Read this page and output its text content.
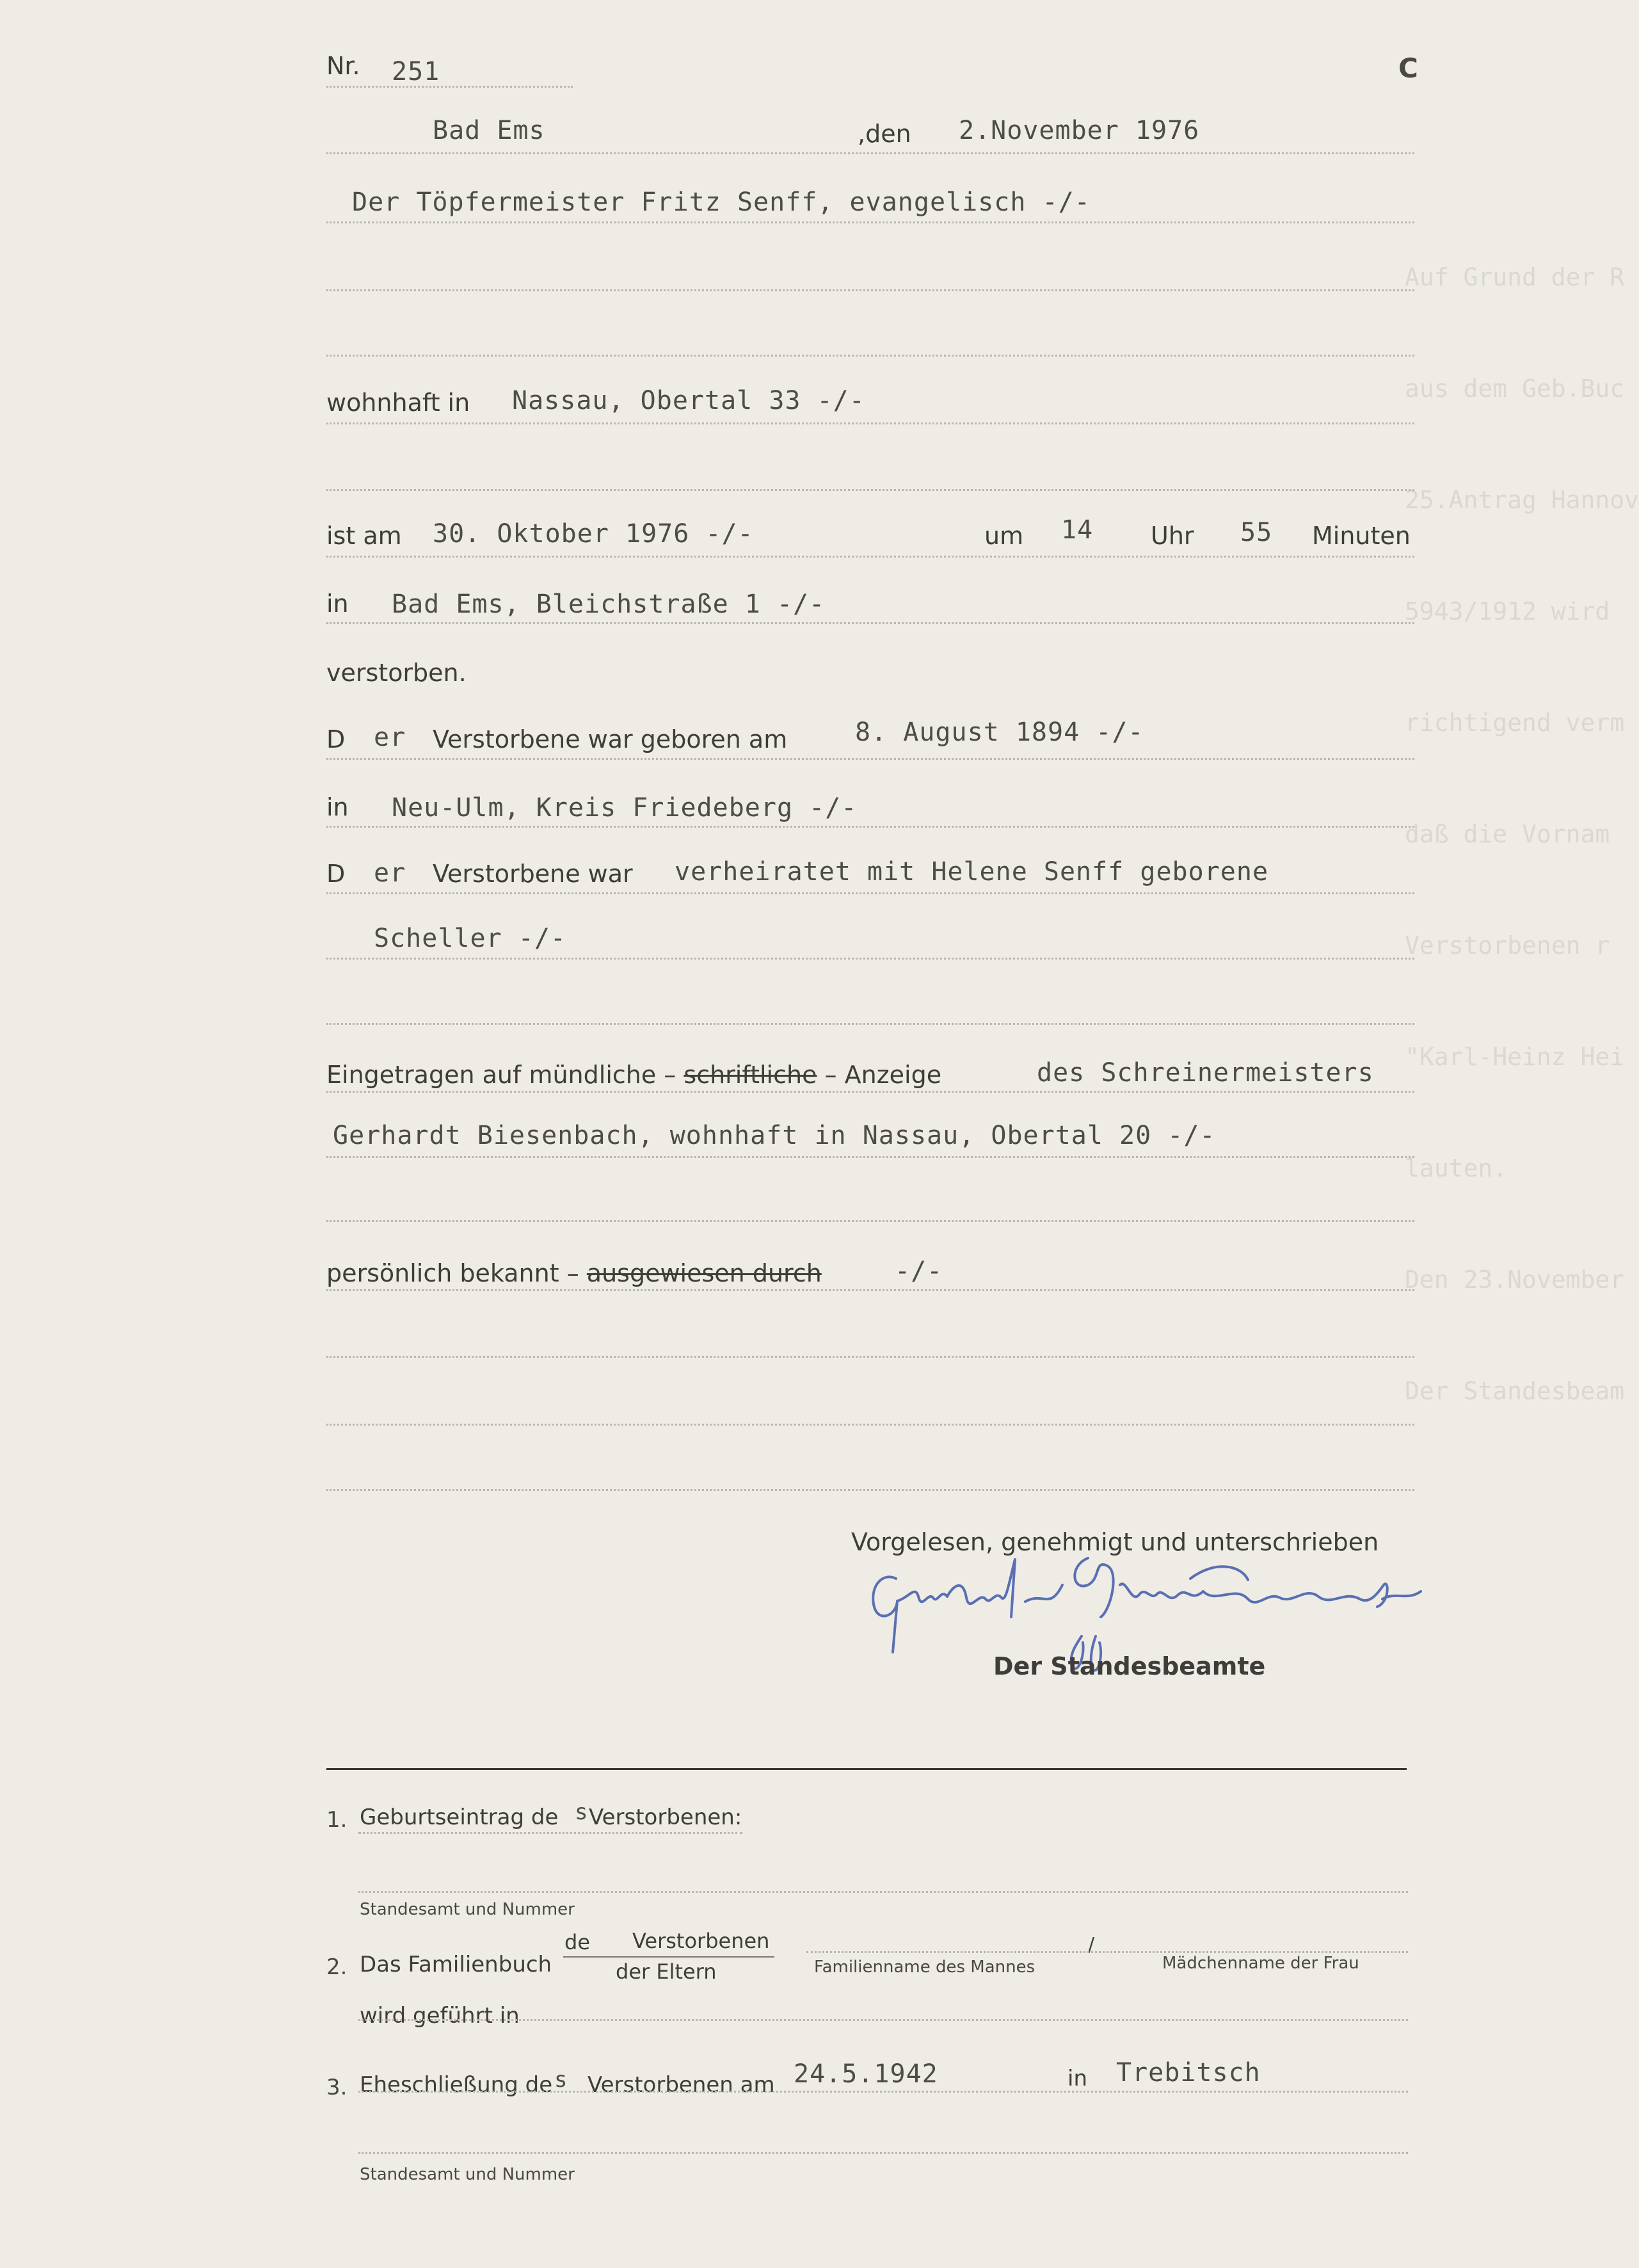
Auf Grund der R

aus dem Geb.Buc

25.Antrag Hannov

5943/1912 wird

richtigend verm

daß die Vornam

Verstorbenen r

"Karl-Heinz Hei

lauten.

Den 23.November

Der Standesbeam

Nr. 251	C
Bad Ems	,den 2.November 1976
Der Töpfermeister Fritz Senff, evangelisch -/-
wohnhaft in Nassau, Obertal 33 -/-
ist am 30. Oktober 1976 -/-	um 14 Uhr 55 Minuten
in Bad Ems, Bleichstraße 1 -/-
verstorben.
D er Verstorbene war geboren am	8. August 1894 -/-
in Neu-Ulm, Kreis Friedeberg -/-
D er Verstorbene war verheiratet mit Helene Senff geborene
Scheller -/-
Eingetragen auf mündliche – schriftliche – Anzeige	des Schreinermeisters
Gerhardt Biesenbach, wohnhaft in Nassau, Obertal 20 -/-
persönlich bekannt – ausgewiesen durch	-/-
Vorgelesen, genehmigt und unterschrieben
Der Standesbeamte
1. Geburtseintrag de s Verstorbenen:
Standesamt und Nummer
2. Das Familienbuch
de Verstorbenen
der Eltern	Familienname des Mannes
/
Mädchenname der Frau
wird geführt in
3. Eheschließung de s Verstorbenen am 24.5.1942	in Trebitsch
Standesamt und Nummer
